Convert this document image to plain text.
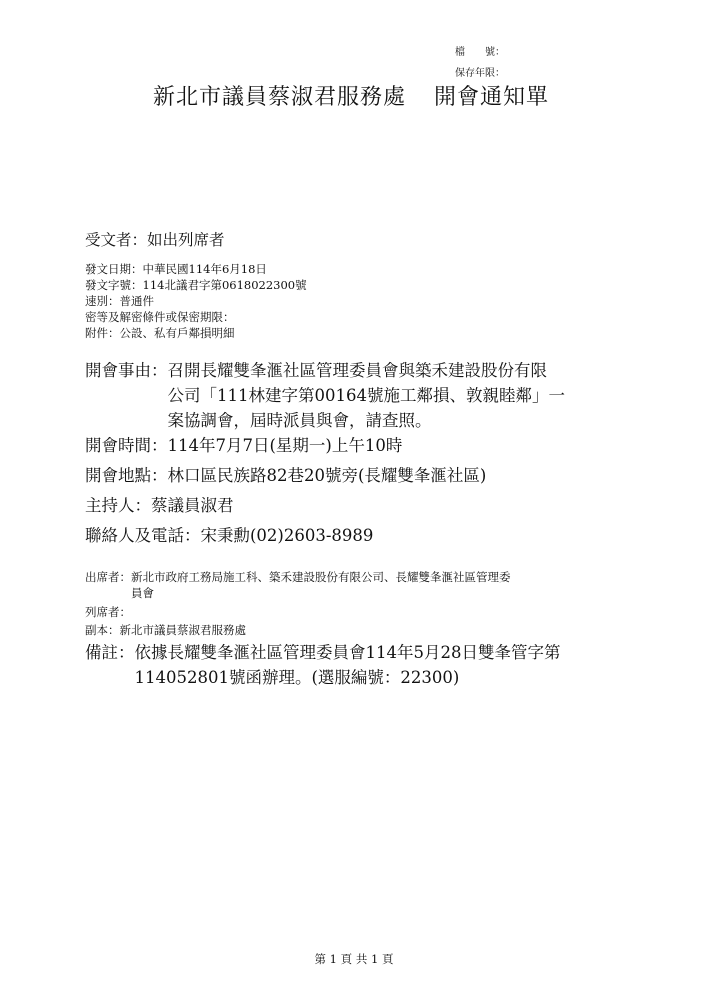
檔　　號：
保存年限：
新北市議員蔡淑君服務處 開會通知單
受文者： 如出列席者
發文日期： 中華民國114年6月18日
發文字號： 114北議君字第0618022300號
速別： 普通件
密等及解密條件或保密期限：
附件： 公設、私有戶鄰損明細
開會事由： 召開長耀雙夆滙社區管理委員會與築禾建設股份有限
公司「111林建字第00164號施工鄰損、敦親睦鄰」一
案協調會，屆時派員與會，請查照。
開會時間： 114年7月7日(星期一)上午10時
開會地點： 林口區民族路82巷20號旁(長耀雙夆滙社區)
主持人： 蔡議員淑君
聯絡人及電話： 宋秉勳(02)2603-8989
出席者： 新北市政府工務局施工科、築禾建設股份有限公司、長耀雙夆滙社區管理委
員會
列席者：
副本： 新北市議員蔡淑君服務處
備註： 依據長耀雙夆滙社區管理委員會114年5月28日雙夆管字第
114052801號函辦理。(選服編號：22300)
第 1 頁 共 1 頁
